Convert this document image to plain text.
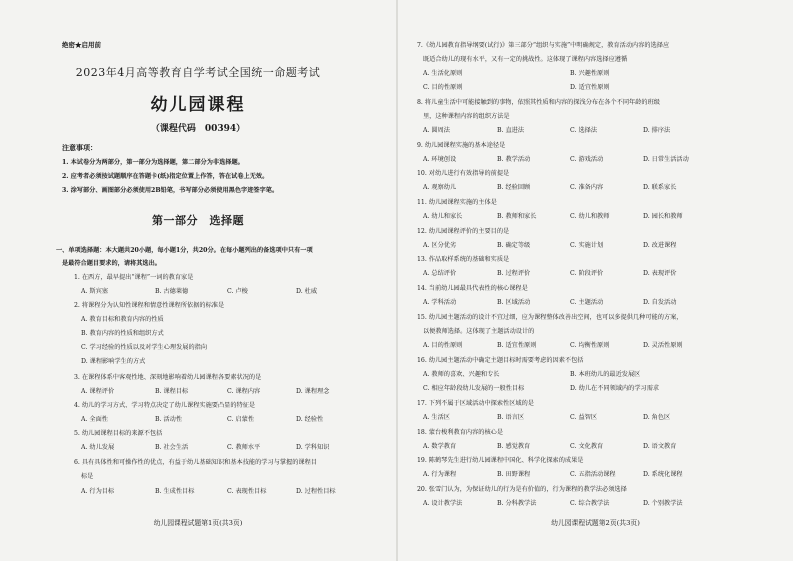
绝密★启用前
2023年4月高等教育自学考试全国统一命题考试
幼儿园课程
（课程代码　00394）
注意事项：
1. 本试卷分为两部分，第一部分为选择题，第二部分为非选择题。
2. 应考者必须按试题顺序在答题卡(纸)指定位置上作答，答在试卷上无效。
3. 涂写部分、画图部分必须使用2B铅笔，书写部分必须使用黑色字迹签字笔。
第一部分　选择题
一、单项选择题：本大题共20小题，每小题1分，共20分。在每小题列出的备选项中只有一项
是最符合题目要求的，请将其选出。
1. 在西方，最早提出“课程”一词的教育家是
A. 斯宾塞	B. 古德莱德	C. 卢梭	D. 杜威
2. 将课程分为认知性课程和情意性课程所依据的标准是
A. 教育目标和教育内容的性质
B. 教育内容的性质和组织方式
C. 学习经验的性质以及对学生心理发展的指向
D. 课程影响学生的方式
3. 在课程体系中客观性地、深刻地影响着幼儿园课程各要素状况的是
A. 课程评价	B. 课程目标	C. 课程内容	D. 课程理念
4. 幼儿的学习方式、学习特点决定了幼儿课程实施要凸显的特征是
A. 全面性	B. 活动性	C. 启蒙性	D. 经验性
5. 幼儿园课程目标的来源不包括
A. 幼儿发展	B. 社会生活	C. 教师水平	D. 学科知识
6. 具有具体性和可操作性的优点，有益于幼儿基础知识和基本技能的学习与掌握的课程目
标是
A. 行为目标	B. 生成性目标	C. 表现性目标	D. 过程性目标
幼儿园课程试题第1页(共3页)
7.《幼儿园教育指导纲要(试行)》第三部分“组织与实施”中明确规定，教育活动内容的选择应
既适合幼儿的现有水平，又有一定的挑战性。这体现了课程内容选择应遵循
A. 生活化原则	B. 兴趣性原则
C. 目的性原则	D. 适宜性原则
8. 将儿童生活中可能接触到的事物，依照其性质和内容的探浅分布在各个不同年龄的班级
里，这种课程内容的组织方法是
A. 圆周法	B. 直进法	C. 选择法	D. 排序法
9. 幼儿园课程实施的基本途径是
A. 环境创设	B. 教学活动	C. 游戏活动	D. 日常生活活动
10. 对幼儿进行有效指导的前提是
A. 观察幼儿	B. 经验回顾	C. 准备内容	D. 联系家长
11. 幼儿园课程实施的主体是
A. 幼儿和家长	B. 教师和家长	C. 幼儿和教师	D. 园长和教师
12. 幼儿园课程评价的主要目的是
A. 区分优劣	B. 确定等级	C. 实施计划	D. 改进课程
13. 作品取样系统的基础和实质是
A. 总结评价	B. 过程评价	C. 阶段评价	D. 表现评价
14. 当前幼儿园最具代表性的核心课程是
A. 学科活动	B. 区域活动	C. 主题活动	D. 自发活动
15. 幼儿园主题活动的设计不宜过细，应为课程整体改善出空间，也可以多提供几种可能的方案，
以便教师选择。这体现了主题活动设计的
A. 目的性原则	B. 适宜性原则	C. 均衡性原则	D. 灵活性原则
16. 幼儿园主题活动中确定主题目标时需要考虑的因素不包括
A. 教师的喜欢、兴趣和专长	B. 本班幼儿的最近发展区
C. 相应年龄段幼儿发展的一般性目标	D. 幼儿在不同领域内的学习需求
17. 下列不属于区域活动中探索性区域的是
A. 生活区	B. 语言区	C. 益智区	D. 角色区
18. 蒙台梭利教育内容的核心是
A. 数学教育	B. 感觉教育	C. 文化教育	D. 语文教育
19. 陈鹤琴先生进行幼儿园课程中国化、科学化探索的成果是
A. 行为课程	B. 田野课程	C. 五指活动课程	D. 系统化课程
20. 张雪门认为，为保证幼儿的行为是有价值的，行为课程的教学法必须选择
A. 设计教学法	B. 分科教学法	C. 综合教学法	D. 个别教学法
幼儿园课程试题第2页(共3页)
